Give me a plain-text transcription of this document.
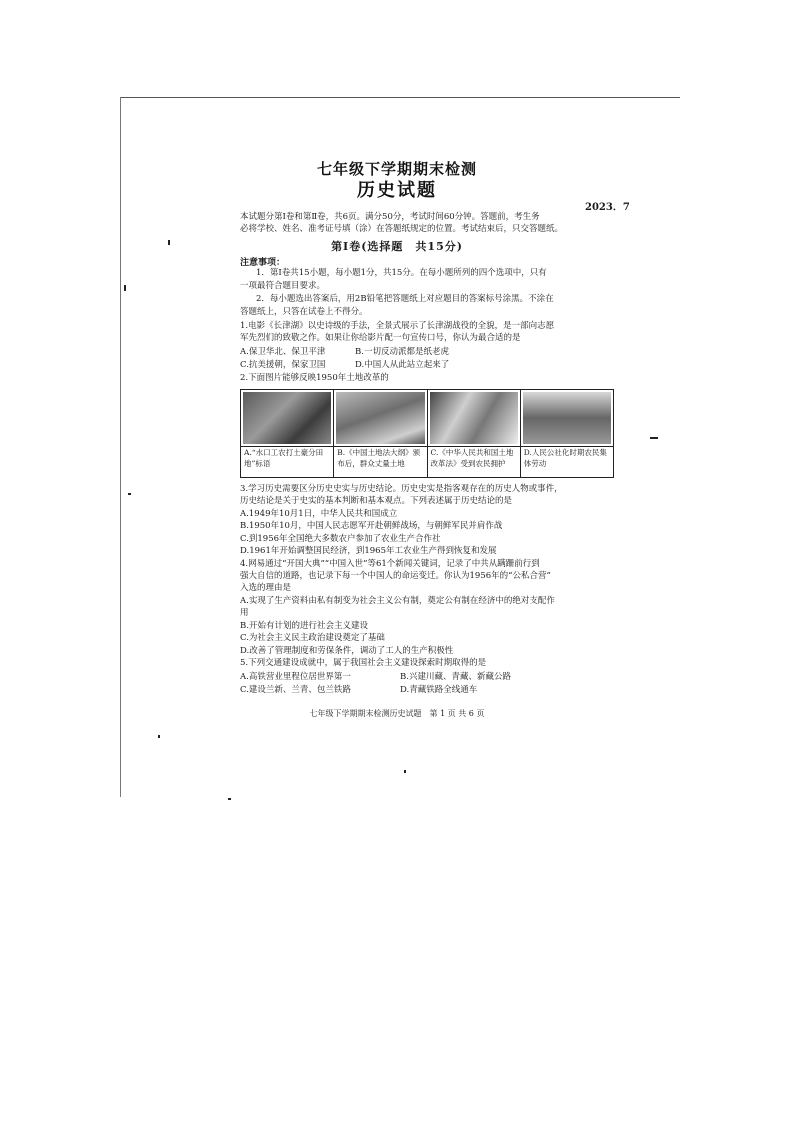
七年级下学期期末检测
历史试题
2023．7
本试题分第Ⅰ卷和第Ⅱ卷，共6页。满分50分，考试时间60分钟。答题前，考生务
必将学校、姓名、准考证号填（涂）在答题纸规定的位置。考试结束后，只交答题纸。
第Ⅰ卷(选择题　共15分)
注意事项：
1．第Ⅰ卷共15小题，每小题1分，共15分。在每小题所列的四个选项中，只有
一项最符合题目要求。
2．每小题选出答案后，用2B铅笔把答题纸上对应题目的答案标号涂黑。不涂在
答题纸上，只答在试卷上不得分。
1.电影《长津湖》以史诗级的手法，全景式展示了长津湖战役的全貌，是一部向志愿
军先烈们的致敬之作。如果让你给影片配一句宣传口号，你认为最合适的是
A.保卫华北、保卫平津	B.一切反动派都是纸老虎
C.抗美援朝，保家卫国	D.中国人从此站立起来了
2.下面图片能够反映1950年土地改革的
A.“水口工农打土豪分田地”标语
B.《中国土地法大纲》颁布后，群众丈量土地
C.《中华人民共和国土地改革法》受到农民拥护
D.人民公社化时期农民集体劳动
3.学习历史需要区分历史史实与历史结论。历史史实是指客观存在的历史人物或事件，
历史结论是关于史实的基本判断和基本观点。下列表述属于历史结论的是
A.1949年10月1日，中华人民共和国成立
B.1950年10月，中国人民志愿军开赴朝鲜战场，与朝鲜军民并肩作战
C.到1956年全国绝大多数农户参加了农业生产合作社
D.1961年开始调整国民经济，到1965年工农业生产得到恢复和发展
4.网易通过“开国大典”“中国入世”等61个新闻关键词，记录了中共从蹒跚前行到
强大自信的道路，也记录下每一个中国人的命运变迁。你认为1956年的“公私合营”
入选的理由是
A.实现了生产资料由私有制变为社会主义公有制，奠定公有制在经济中的绝对支配作
用
B.开始有计划的进行社会主义建设
C.为社会主义民主政治建设奠定了基础
D.改善了管理制度和劳保条件，调动了工人的生产积极性
5.下列交通建设成就中，属于我国社会主义建设探索时期取得的是
A.高铁营业里程位居世界第一	B.兴建川藏、青藏、新藏公路
C.建设兰新、兰青、包兰铁路	D.青藏铁路全线通车
七年级下学期期末检测历史试题　第 1 页 共 6 页
